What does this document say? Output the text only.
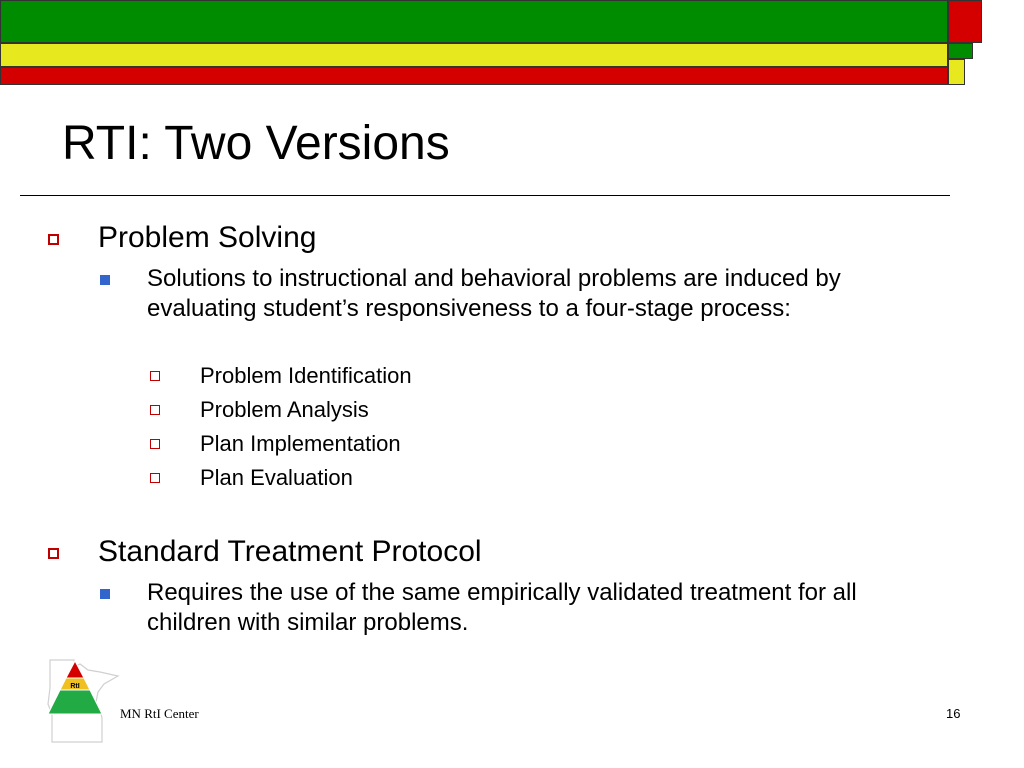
RTI: Two Versions
Problem Solving
Solutions to instructional and behavioral problems are induced by evaluating student’s responsiveness to a four-stage process:
Problem Identification
Problem Analysis
Plan Implementation
Plan Evaluation
Standard Treatment Protocol
Requires the use of the same empirically validated treatment for all children with similar problems.
RtI
MN RtI Center	16
